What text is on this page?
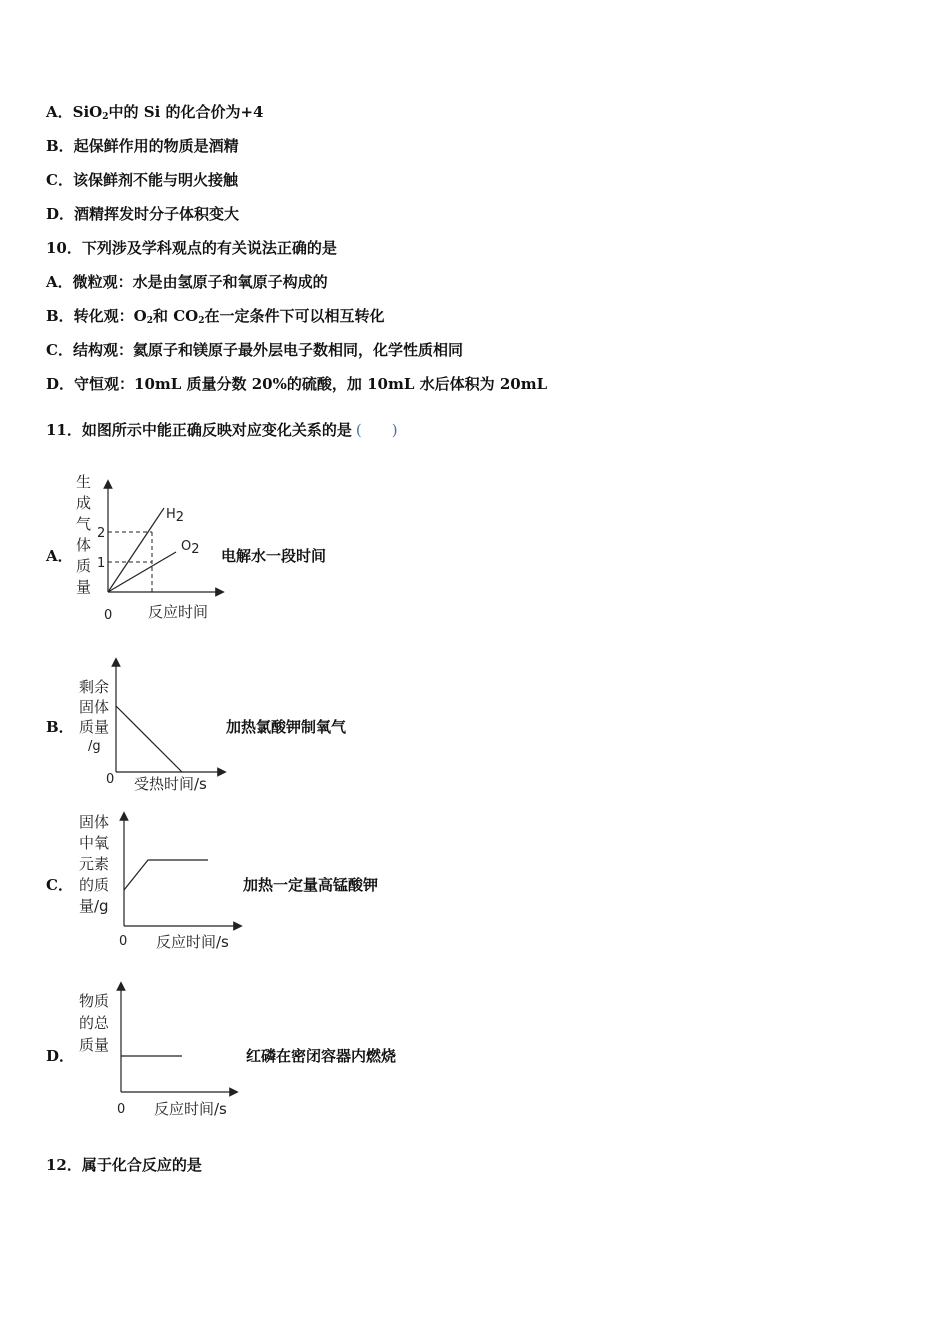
A．SiO$_2$中的 Si 的化合价为+4
B．起保鲜作用的物质是酒精
C．该保鲜剂不能与明火接触
D．酒精挥发时分子体积变大
10．下列涉及学科观点的有关说法正确的是
A．微粒观：水是由氢原子和氧原子构成的
B．转化观：$O_2$和 $CO_2$在一定条件下可以相互转化
C．结构观：氦原子和镁原子最外层电子数相同，化学性质相同
D．守恒观：10mL 质量分数 20%的硫酸，加 10mL 水后体积为 20mL
11．如图所示中能正确反映对应变化关系的是 (　　)
A．
生
成
气
体
质
量
2
1
0
H2
O2
反应时间
电解水一段时间
B．
剩余
固体
质量
/g
0 受热时间/s
加热氯酸钾制氧气
C．
固体
中氧
元素
的质
量/g
0 反应时间/s
加热一定量高锰酸钾
D．
物质
的总
质量
0 反应时间/s
红磷在密闭容器内燃烧
12．属于化合反应的是
